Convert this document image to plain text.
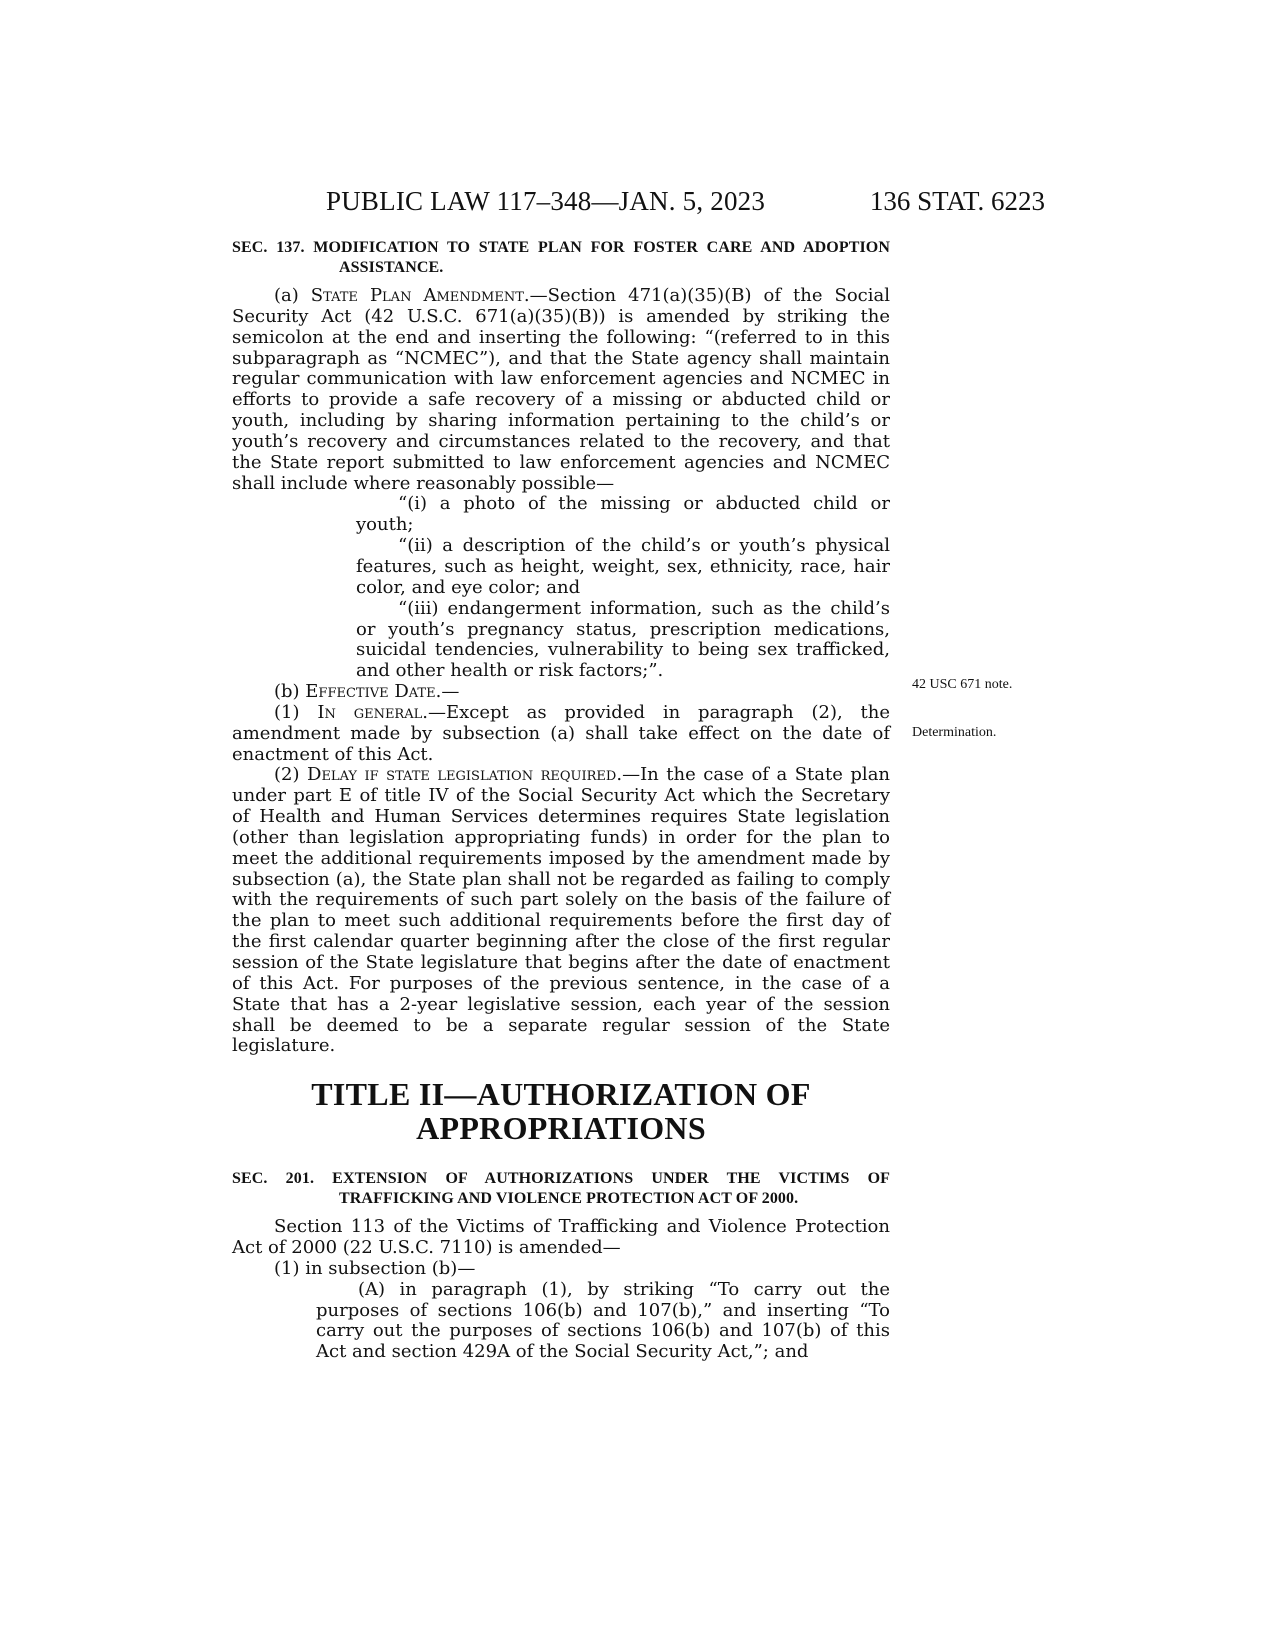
PUBLIC LAW 117–348—JAN. 5, 2023	136 STAT. 6223
42 USC 671 note.
Determination.
SEC. 137. MODIFICATION TO STATE PLAN FOR FOSTER CARE AND ADOPTION ASSISTANCE.

(a) State Plan Amendment.—Section 471(a)(35)(B) of the Social Security Act (42 U.S.C. 671(a)(35)(B)) is amended by striking the semicolon at the end and inserting the following: “(referred to in this subparagraph as “NCMEC”), and that the State agency shall maintain regular communication with law enforcement agencies and NCMEC in efforts to provide a safe recovery of a missing or abducted child or youth, including by sharing information pertaining to the child’s or youth’s recovery and circumstances related to the recovery, and that the State report submitted to law enforcement agencies and NCMEC shall include where reasonably possible—

“(i) a photo of the missing or abducted child or youth;

“(ii) a description of the child’s or youth’s physical features, such as height, weight, sex, ethnicity, race, hair color, and eye color; and

“(iii) endangerment information, such as the child’s or youth’s pregnancy status, prescription medications, suicidal tendencies, vulnerability to being sex trafficked, and other health or risk factors;”.

(b) Effective Date.—

(1) In general.—Except as provided in paragraph (2), the amendment made by subsection (a) shall take effect on the date of enactment of this Act.

(2) Delay if state legislation required.—In the case of a State plan under part E of title IV of the Social Security Act which the Secretary of Health and Human Services determines requires State legislation (other than legislation appropriating funds) in order for the plan to meet the additional requirements imposed by the amendment made by subsection (a), the State plan shall not be regarded as failing to comply with the requirements of such part solely on the basis of the failure of the plan to meet such additional requirements before the first day of the first calendar quarter beginning after the close of the first regular session of the State legislature that begins after the date of enactment of this Act. For purposes of the previous sentence, in the case of a State that has a 2-year legislative session, each year of the session shall be deemed to be a separate regular session of the State legislature.

TITLE II—AUTHORIZATION OF
APPROPRIATIONS
SEC. 201. EXTENSION OF AUTHORIZATIONS UNDER THE VICTIMS OF TRAFFICKING AND VIOLENCE PROTECTION ACT OF 2000.

Section 113 of the Victims of Trafficking and Violence Protection Act of 2000 (22 U.S.C. 7110) is amended—

(1) in subsection (b)—

(A) in paragraph (1), by striking “To carry out the purposes of sections 106(b) and 107(b),” and inserting “To carry out the purposes of sections 106(b) and 107(b) of this Act and section 429A of the Social Security Act,”; and
